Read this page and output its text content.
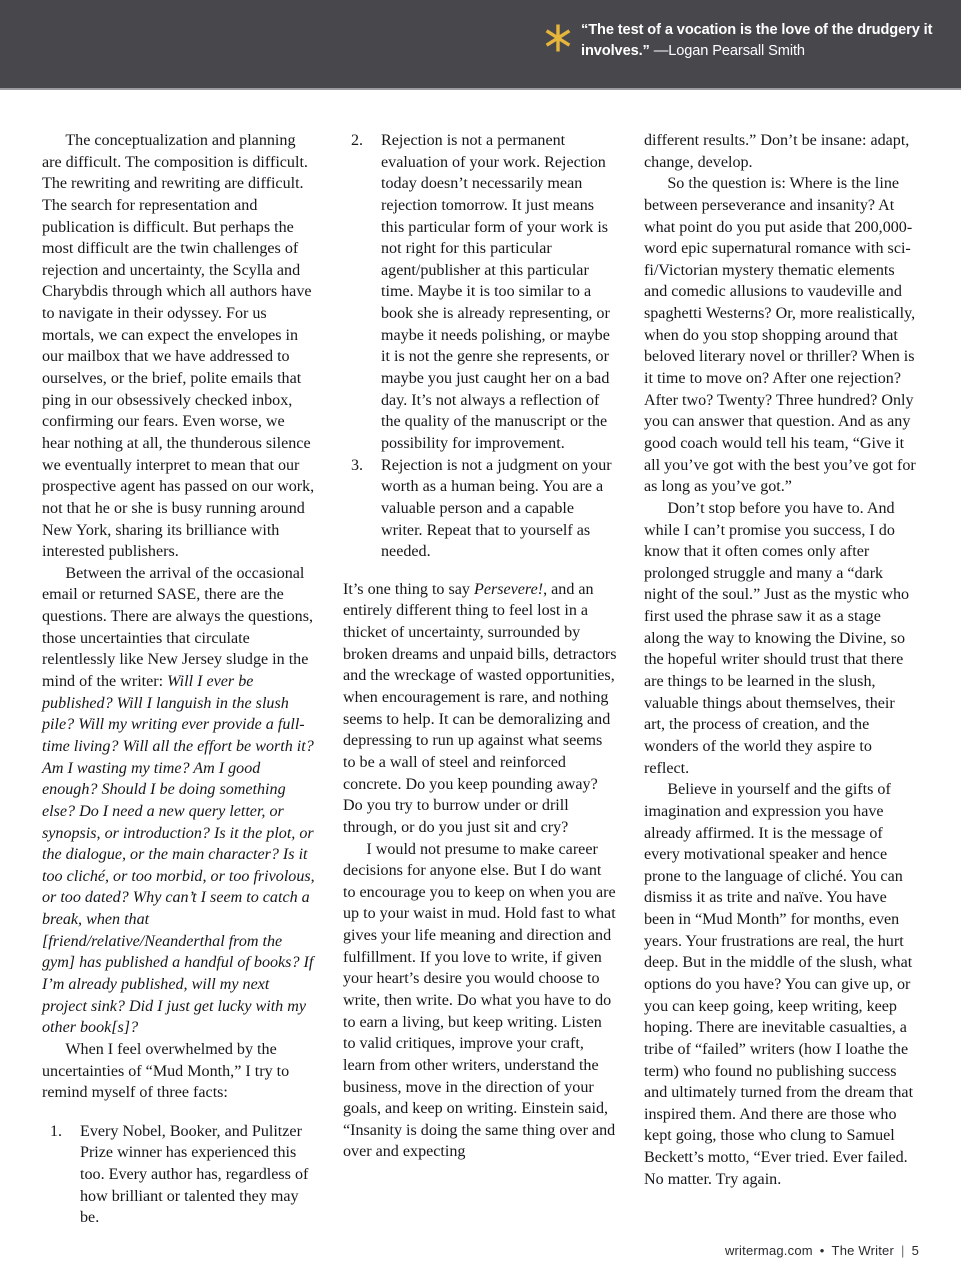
“The test of a vocation is the love of the drudgery it involves.” —Logan Pearsall Smith

The conceptualization and planning are difficult. The composition is difficult. The rewriting and rewriting are difficult. The search for representation and publication is difficult. But perhaps the most difficult are the twin challenges of rejection and uncertainty, the Scylla and Charybdis through which all authors have to navigate in their odyssey. For us mortals, we can expect the envelopes in our mailbox that we have addressed to ourselves, or the brief, polite emails that ping in our obsessively checked inbox, confirming our fears. Even worse, we hear nothing at all, the thunderous silence we eventually interpret to mean that our prospective agent has passed on our work, not that he or she is busy running around New York, sharing its brilliance with interested publishers.

Between the arrival of the occasional email or returned SASE, there are the questions. There are always the questions, those uncertainties that circulate relentlessly like New Jersey sludge in the mind of the writer: Will I ever be published? Will I languish in the slush pile? Will my writing ever provide a full-time living? Will all the effort be worth it? Am I wasting my time? Am I good enough? Should I be doing something else? Do I need a new query letter, or synopsis, or introduction? Is it the plot, or the dialogue, or the main character? Is it too cliché, or too morbid, or too frivolous, or too dated? Why can’t I seem to catch a break, when that [friend/relative/Neanderthal from the gym] has published a handful of books? If I’m already published, will my next project sink? Did I just get lucky with my other book[s]?

When I feel overwhelmed by the uncertainties of “Mud Month,” I try to remind myself of three facts:

Every Nobel, Booker, and Pulitzer Prize winner has experienced this too. Every author has, regardless of how brilliant or talented they may be.
Rejection is not a permanent evaluation of your work. Rejection today doesn’t necessarily mean rejection tomorrow. It just means this particular form of your work is not right for this particular agent/publisher at this particular time. Maybe it is too similar to a book she is already representing, or maybe it needs polishing, or maybe it is not the genre she represents, or maybe you just caught her on a bad day. It’s not always a reflection of the quality of the manuscript or the possibility for improvement.
Rejection is not a judgment on your worth as a human being. You are a valuable person and a capable writer. Repeat that to yourself as needed.

It’s one thing to say Persevere!, and an entirely different thing to feel lost in a thicket of uncertainty, surrounded by broken dreams and unpaid bills, detractors and the wreckage of wasted opportunities, when encouragement is rare, and nothing seems to help. It can be demoralizing and depressing to run up against what seems to be a wall of steel and reinforced concrete. Do you keep pounding away? Do you try to burrow under or drill through, or do you just sit and cry?

I would not presume to make career decisions for anyone else. But I do want to encourage you to keep on when you are up to your waist in mud. Hold fast to what gives your life meaning and direction and fulfillment. If you love to write, if given your heart’s desire you would choose to write, then write. Do what you have to do to earn a living, but keep writing. Listen to valid critiques, improve your craft, learn from other writers, understand the business, move in the direction of your goals, and keep on writing. Einstein said, “Insanity is doing the same thing over and over and expecting

different results.” Don’t be insane: adapt, change, develop.

So the question is: Where is the line between perseverance and insanity? At what point do you put aside that 200,000-word epic supernatural romance with sci-fi/Victorian mystery thematic elements and comedic allusions to vaudeville and spaghetti Westerns? Or, more realistically, when do you stop shopping around that beloved literary novel or thriller? When is it time to move on? After one rejection? After two? Twenty? Three hundred? Only you can answer that question. And as any good coach would tell his team, “Give it all you’ve got with the best you’ve got for as long as you’ve got.”

Don’t stop before you have to. And while I can’t promise you success, I do know that it often comes only after prolonged struggle and many a “dark night of the soul.” Just as the mystic who first used the phrase saw it as a stage along the way to knowing the Divine, so the hopeful writer should trust that there are things to be learned in the slush, valuable things about themselves, their art, the process of creation, and the wonders of the world they aspire to reflect.

Believe in yourself and the gifts of imagination and expression you have already affirmed. It is the message of every motivational speaker and hence prone to the language of cliché. You can dismiss it as trite and naïve. You have been in “Mud Month” for months, even years. Your frustrations are real, the hurt deep. But in the middle of the slush, what options do you have? You can give up, or you can keep going, keep writing, keep hoping. There are inevitable casualties, a tribe of “failed” writers (how I loathe the term) who found no publishing success and ultimately turned from the dream that inspired them. And there are those who kept going, those who clung to Samuel Beckett’s motto, “Ever tried. Ever failed. No matter. Try again.

writermag.com • The Writer | 5
